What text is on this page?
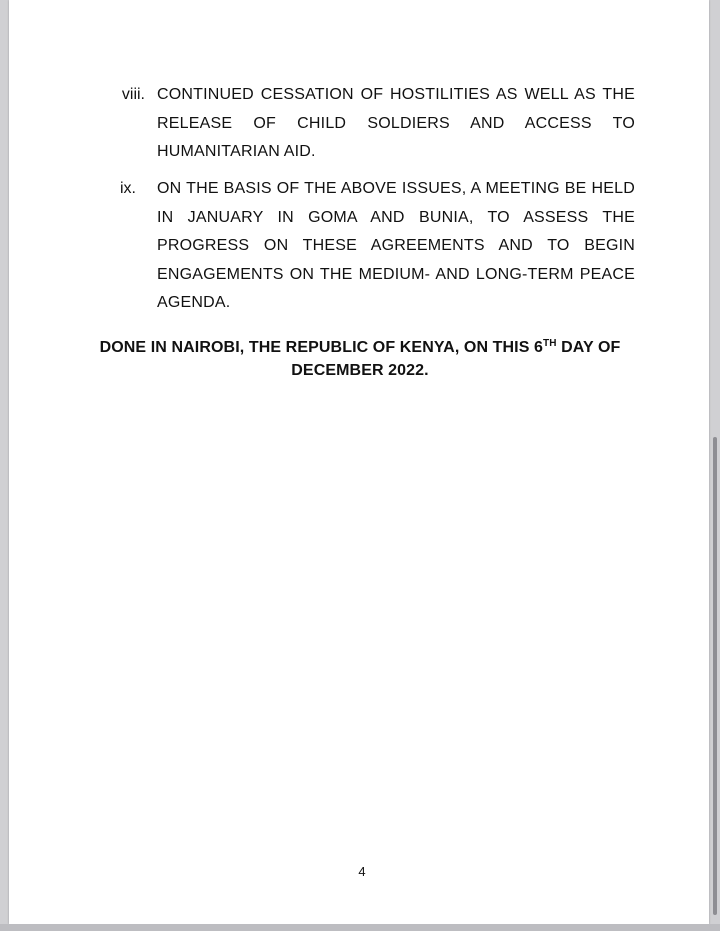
viii. CONTINUED CESSATION OF HOSTILITIES AS WELL AS THE RELEASE OF CHILD SOLDIERS AND ACCESS TO HUMANITARIAN AID.
ix. ON THE BASIS OF THE ABOVE ISSUES, A MEETING BE HELD IN JANUARY IN GOMA AND BUNIA, TO ASSESS THE PROGRESS ON THESE AGREEMENTS AND TO BEGIN ENGAGEMENTS ON THE MEDIUM- AND LONG-TERM PEACE AGENDA.
DONE IN NAIROBI, THE REPUBLIC OF KENYA, ON THIS 6TH DAY OF DECEMBER 2022.
4
